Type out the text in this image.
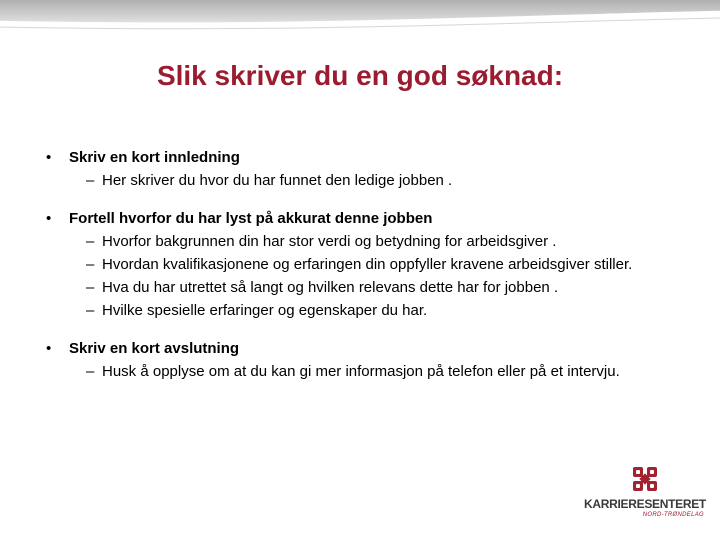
Slik skriver du en god søknad:
• Skriv en kort innledning
– Her skriver du hvor du har funnet den ledige jobben .
• Fortell hvorfor du har lyst på akkurat denne jobben
– Hvorfor bakgrunnen din har stor verdi og betydning for arbeidsgiver .
– Hvordan kvalifikasjonene og erfaringen din oppfyller kravene arbeidsgiver stiller.
– Hva du har utrettet så langt og hvilken relevans dette har for jobben .
– Hvilke spesielle erfaringer og egenskaper du har.
• Skriv en kort avslutning
– Husk å opplyse om at du kan gi mer informasjon på telefon eller på et intervju.
KARRIERESENTERET
NORD-TRØNDELAG
